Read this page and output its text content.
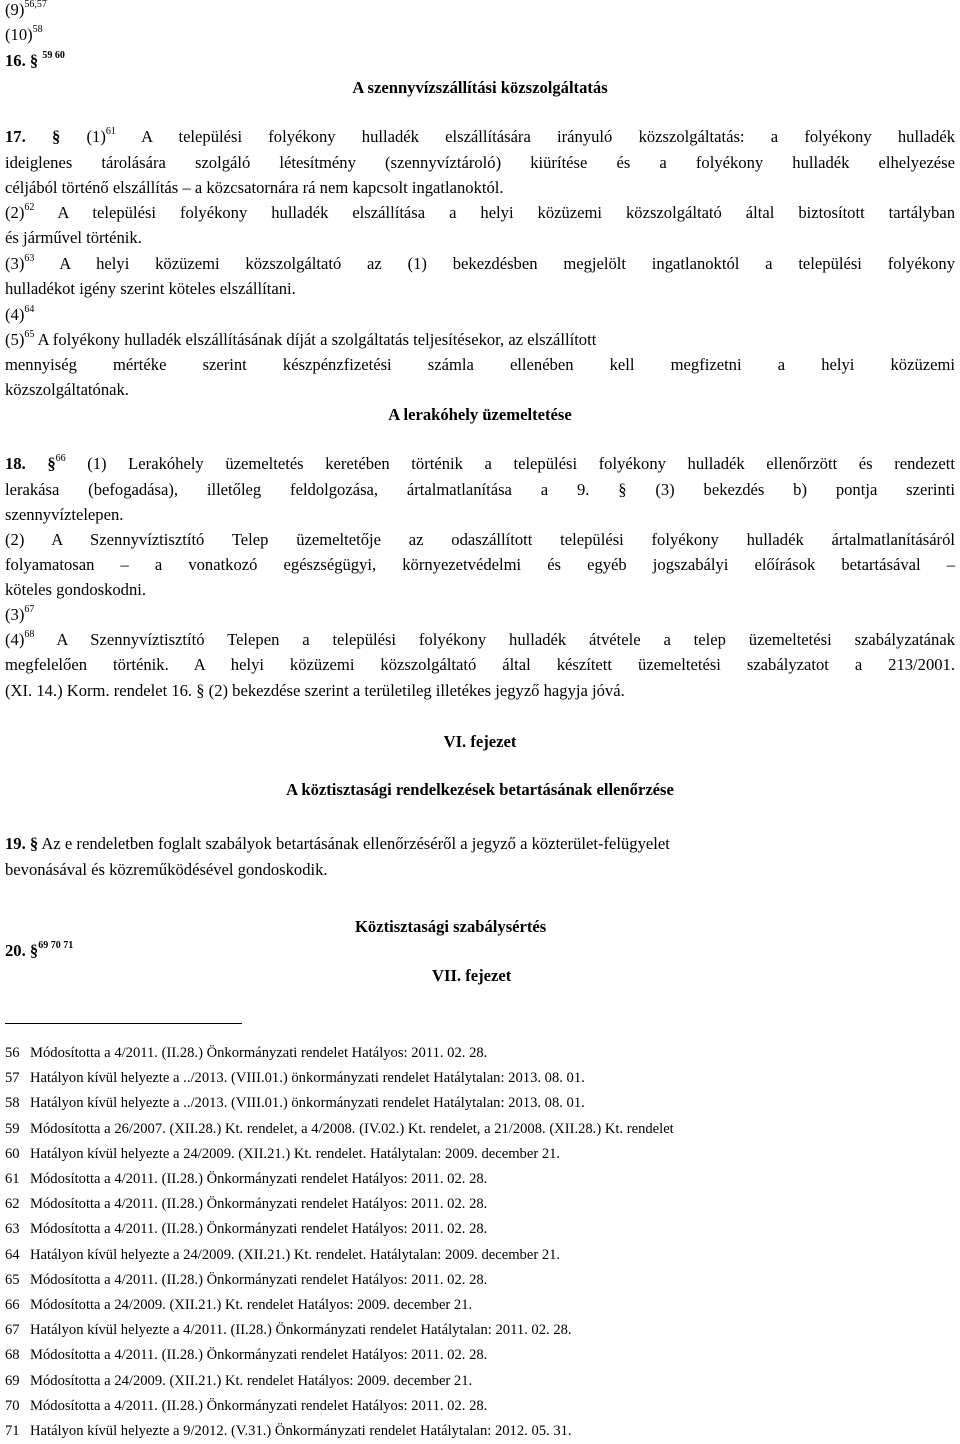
$(9)^{56,57}$
$(10)^{58}$
16. § $^{59 60}$
A szennyvízszállítási közszolgáltatás
17. § $(1)^{61}$ A települési folyékony hulladék elszállítására irányuló közszolgáltatás: a folyékony hulladék
ideiglenes tárolására szolgáló létesítmény (szennyvíztároló) kiürítése és a folyékony hulladék elhelyezése
céljából történő elszállítás – a közcsatornára rá nem kapcsolt ingatlanoktól.
$(2)^{62}$ A települési folyékony hulladék elszállítása a helyi közüzemi közszolgáltató által biztosított tartályban
és járművel történik.
$(3)^{63}$ A helyi közüzemi közszolgáltató az (1) bekezdésben megjelölt ingatlanoktól a települési folyékony
hulladékot igény szerint köteles elszállítani.
$(4)^{64}$
$(5)^{65}$ A folyékony hulladék elszállításának díját a szolgáltatás teljesítésekor, az elszállított
mennyiség mértéke szerint készpénzfizetési számla ellenében kell megfizetni a helyi közüzemi
közszolgáltatónak.
A lerakóhely üzemeltetése
18. §$^{66}$ (1) Lerakóhely üzemeltetés keretében történik a települési folyékony hulladék ellenőrzött és rendezett
lerakása (befogadása), illetőleg feldolgozása, ártalmatlanítása a 9. § (3) bekezdés b) pontja szerinti
szennyvíztelepen.
(2) A Szennyvíztisztító Telep üzemeltetője az odaszállított települési folyékony hulladék ártalmatlanításáról
folyamatosan – a vonatkozó egészségügyi, környezetvédelmi és egyéb jogszabályi előírások betartásával –
köteles gondoskodni.
$(3)^{67}$
$(4)^{68}$ A Szennyvíztisztító Telepen a települési folyékony hulladék átvétele a telep üzemeltetési szabályzatának
megfelelően történik. A helyi közüzemi közszolgáltató által készített üzemeltetési szabályzatot a 213/2001.
(XI. 14.) Korm. rendelet 16. § (2) bekezdése szerint a területileg illetékes jegyző hagyja jóvá.
VI. fejezet
A köztisztasági rendelkezések betartásának ellenőrzése
19. § Az e rendeletben foglalt szabályok betartásának ellenőrzéséről a jegyző a közterület-felügyelet
bevonásával és közreműködésével gondoskodik.
Köztisztasági szabálysértés
20. §$^{69 70 71}$
VII. fejezet
56 Módosította a 4/2011. (II.28.) Önkormányzati rendelet Hatályos: 2011. 02. 28.
57 Hatályon kívül helyezte a ../2013. (VIII.01.) önkormányzati rendelet Hatálytalan: 2013. 08. 01.
58 Hatályon kívül helyezte a ../2013. (VIII.01.) önkormányzati rendelet Hatálytalan: 2013. 08. 01.
59 Módosította a 26/2007. (XII.28.) Kt. rendelet, a 4/2008. (IV.02.) Kt. rendelet, a 21/2008. (XII.28.) Kt. rendelet
60 Hatályon kívül helyezte a 24/2009. (XII.21.) Kt. rendelet. Hatálytalan: 2009. december 21.
61 Módosította a 4/2011. (II.28.) Önkormányzati rendelet Hatályos: 2011. 02. 28.
62 Módosította a 4/2011. (II.28.) Önkormányzati rendelet Hatályos: 2011. 02. 28.
63 Módosította a 4/2011. (II.28.) Önkormányzati rendelet Hatályos: 2011. 02. 28.
64 Hatályon kívül helyezte a 24/2009. (XII.21.) Kt. rendelet. Hatálytalan: 2009. december 21.
65 Módosította a 4/2011. (II.28.) Önkormányzati rendelet Hatályos: 2011. 02. 28.
66 Módosította a 24/2009. (XII.21.) Kt. rendelet Hatályos: 2009. december 21.
67 Hatályon kívül helyezte a 4/2011. (II.28.) Önkormányzati rendelet Hatálytalan: 2011. 02. 28.
68 Módosította a 4/2011. (II.28.) Önkormányzati rendelet Hatályos: 2011. 02. 28.
69 Módosította a 24/2009. (XII.21.) Kt. rendelet Hatályos: 2009. december 21.
70 Módosította a 4/2011. (II.28.) Önkormányzati rendelet Hatályos: 2011. 02. 28.
71 Hatályon kívül helyezte a 9/2012. (V.31.) Önkormányzati rendelet Hatálytalan: 2012. 05. 31.
